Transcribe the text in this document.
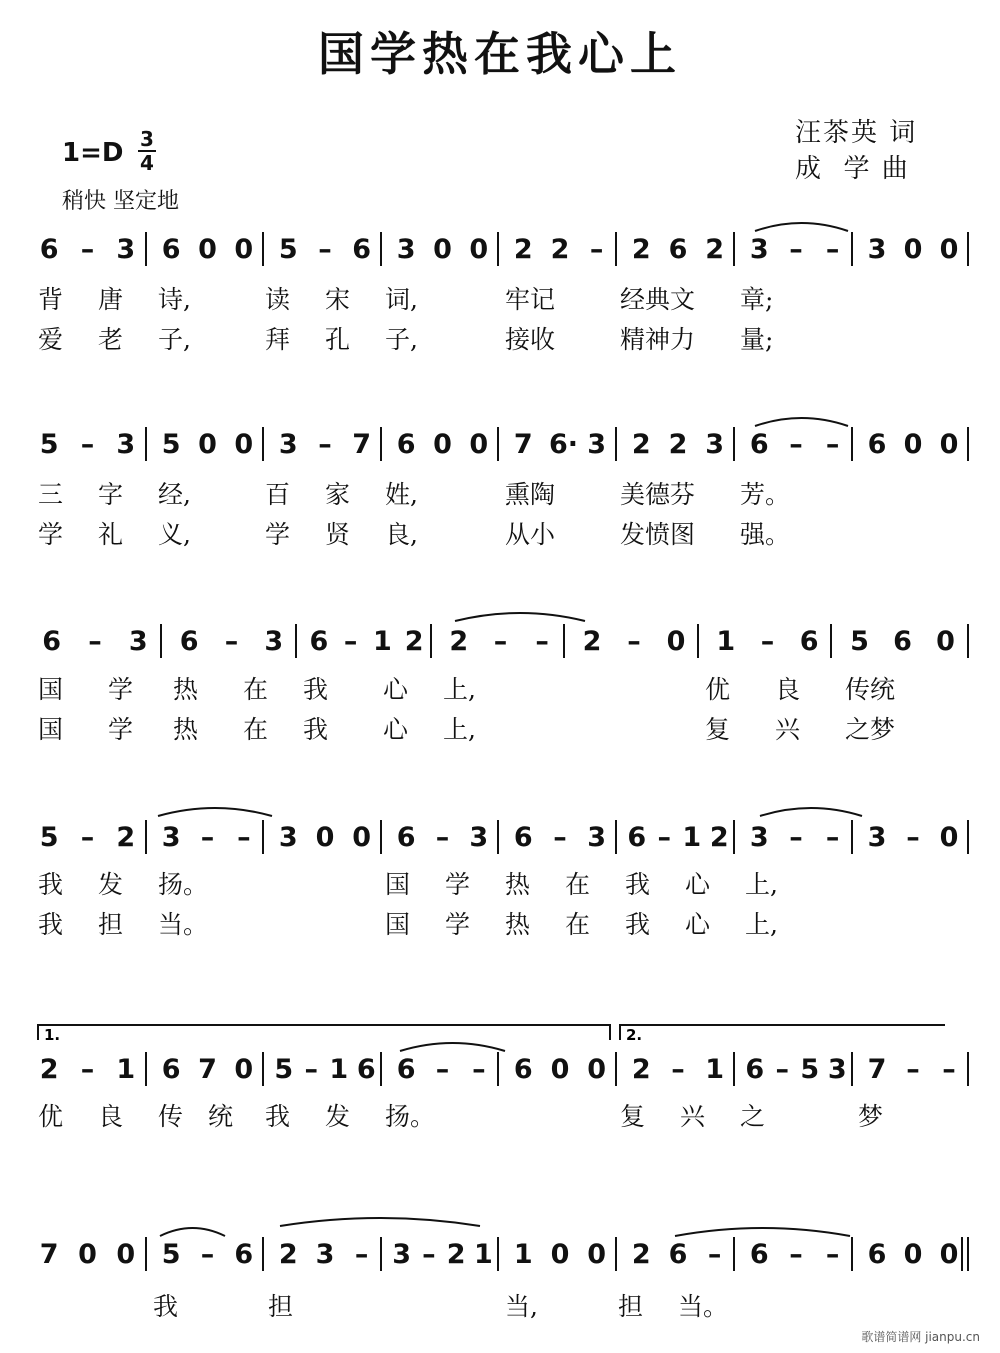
国学热在我心上
汪茶英 词
成  学 曲
$1=D \frac{3}{4}$
稍快 坚定地
6 – 3 6 0 0 5 – 6 3 0 0 2 2 – 2 6 2 3 – – 3 0 0
背 唐 诗,	读 宋 词,	牢记	经典文 章;
爱 老 子,	拜 孔 子,	接收	精神力 量;
5 – 3 5 0 0 3 – 7 6 0 0 7 6· 3 2 2 3 6 – – 6 0 0
三 字 经,	百 家 姓,	熏陶	美德芬 芳。
学 礼 义,	学 贤 良,	从小	发愤图 强。
6 – 3 6 – 3 6 – 1 2 2 – – 2 – 0 1 – 6 5 6 0
国 学 热 在 我 心 上,	优 良 传统
国 学 热 在 我 心 上,	复 兴 之梦
5 – 2 3 – – 3 0 0 6 – 3 6 – 3 6 – 1 2 3 – – 3 – 0
我 发 扬。	国 学 热 在 我 心 上,
我 担 当。	国 学 热 在 我 心 上,
2 – 1 6 7 0 5 – 1 6 6 – – 6 0 0 2 – 1 6 – 5 3 7 – –
优 良 传 统 我 发 扬。	复 兴 之	梦
7 0 0 5 – 6 2 3 – 3 – 2 1 1 0 0 2 6 – 6 – – 6 0 0
我	担	当,	担 当。
1.	2.
歌谱简谱网 jianpu.cn
